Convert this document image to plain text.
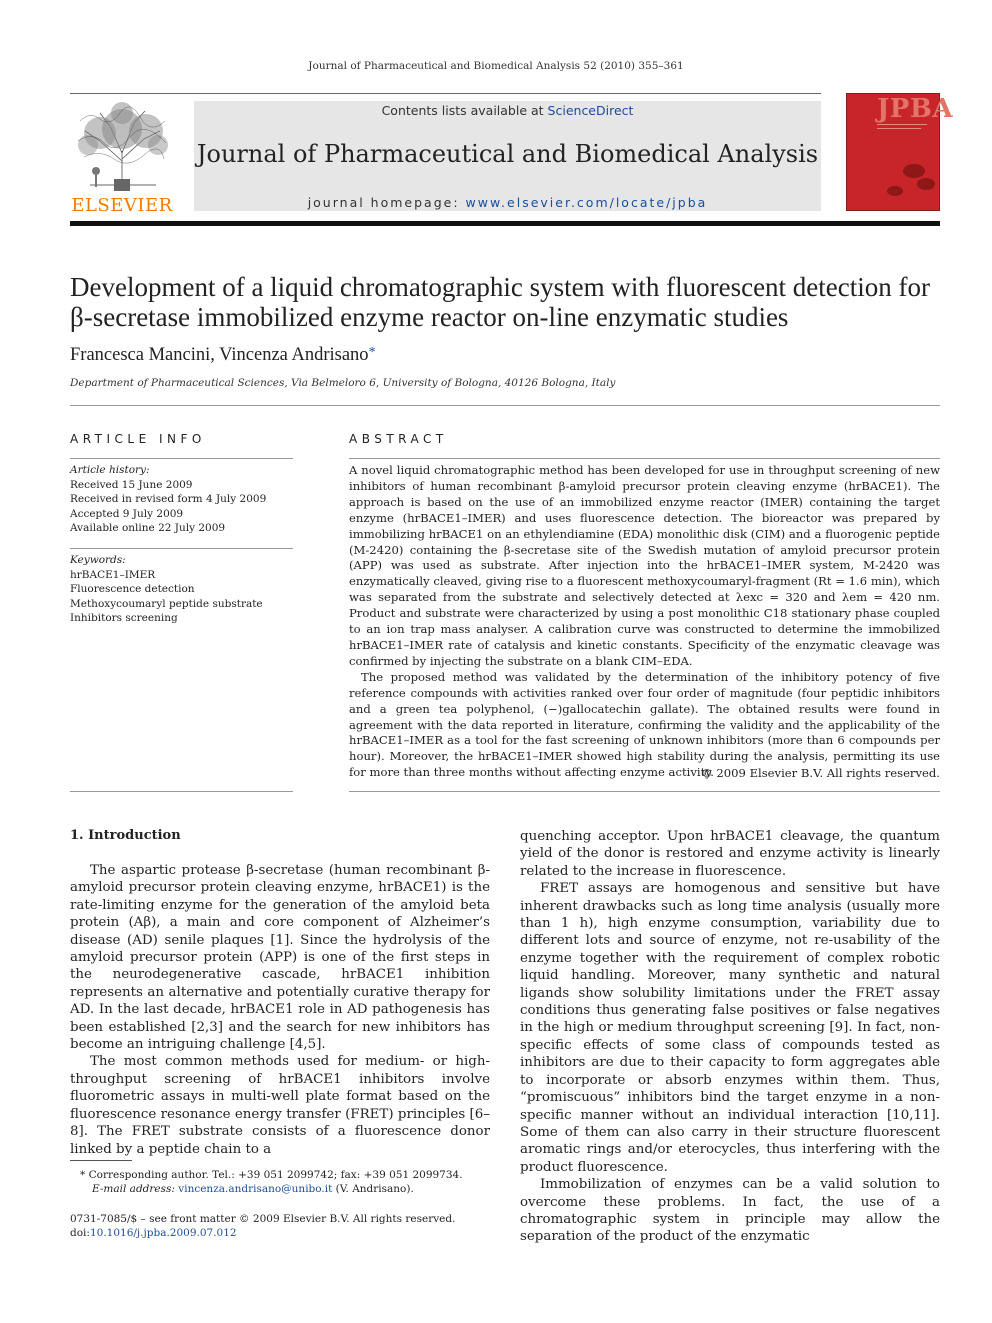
Journal of Pharmaceutical and Biomedical Analysis 52 (2010) 355–361
ELSEVIER
Contents lists available at ScienceDirect
Journal of Pharmaceutical and Biomedical Analysis
journal homepage: www.elsevier.com/locate/jpba
JPBA
Development of a liquid chromatographic system with fluorescent detection for
β-secretase immobilized enzyme reactor on-line enzymatic studies
Francesca Mancini, Vincenza Andrisano*
Department of Pharmaceutical Sciences, Via Belmeloro 6, University of Bologna, 40126 Bologna, Italy
ARTICLE INFO
Article history:
Received 15 June 2009
Received in revised form 4 July 2009
Accepted 9 July 2009
Available online 22 July 2009
Keywords:
hrBACE1–IMER
Fluorescence detection
Methoxycoumaryl peptide substrate
Inhibitors screening
ABSTRACT

A novel liquid chromatographic method has been developed for use in throughput screening of new inhibitors of human recombinant β-amyloid precursor protein cleaving enzyme (hrBACE1). The approach is based on the use of an immobilized enzyme reactor (IMER) containing the target enzyme (hrBACE1–IMER) and uses fluorescence detection. The bioreactor was prepared by immobilizing hrBACE1 on an ethylendiamine (EDA) monolithic disk (CIM) and a fluorogenic peptide (M-2420) containing the β-secretase site of the Swedish mutation of amyloid precursor protein (APP) was used as substrate. After injection into the hrBACE1–IMER system, M-2420 was enzymatically cleaved, giving rise to a fluorescent methoxycoumaryl-fragment (Rt = 1.6 min), which was separated from the substrate and selectively detected at λexc = 320 and λem = 420 nm. Product and substrate were characterized by using a post monolithic C18 stationary phase coupled to an ion trap mass analyser. A calibration curve was constructed to determine the immobilized hrBACE1–IMER rate of catalysis and kinetic constants. Specificity of the enzymatic cleavage was confirmed by injecting the substrate on a blank CIM–EDA.

The proposed method was validated by the determination of the inhibitory potency of five reference compounds with activities ranked over four order of magnitude (four peptidic inhibitors and a green tea polyphenol, (−)gallocatechin gallate). The obtained results were found in agreement with the data reported in literature, confirming the validity and the applicability of the hrBACE1–IMER as a tool for the fast screening of unknown inhibitors (more than 6 compounds per hour). Moreover, the hrBACE1–IMER showed high stability during the analysis, permitting its use for more than three months without affecting enzyme activity.

© 2009 Elsevier B.V. All rights reserved.
1. Introduction

The aspartic protease β-secretase (human recombinant β-amyloid precursor protein cleaving enzyme, hrBACE1) is the rate-limiting enzyme for the generation of the amyloid beta protein (Aβ), a main and core component of Alzheimer’s disease (AD) senile plaques [1]. Since the hydrolysis of the amyloid precursor protein (APP) is one of the first steps in the neurodegenerative cascade, hrBACE1 inhibition represents an alternative and potentially curative therapy for AD. In the last decade, hrBACE1 role in AD pathogenesis has been established [2,3] and the search for new inhibitors has become an intriguing challenge [4,5].

The most common methods used for medium- or high-throughput screening of hrBACE1 inhibitors involve fluorometric assays in multi-well plate format based on the fluorescence resonance energy transfer (FRET) principles [6–8]. The FRET substrate consists of a fluorescence donor linked by a peptide chain to a

quenching acceptor. Upon hrBACE1 cleavage, the quantum yield of the donor is restored and enzyme activity is linearly related to the increase in fluorescence.

FRET assays are homogenous and sensitive but have inherent drawbacks such as long time analysis (usually more than 1 h), high enzyme consumption, variability due to different lots and source of enzyme, not re-usability of the enzyme together with the requirement of complex robotic liquid handling. Moreover, many synthetic and natural ligands show solubility limitations under the FRET assay conditions thus generating false positives or false negatives in the high or medium throughput screening [9]. In fact, non-specific effects of some class of compounds tested as inhibitors are due to their capacity to form aggregates able to incorporate or absorb enzymes within them. Thus, “promiscuous” inhibitors bind the target enzyme in a non-specific manner without an individual interaction [10,11]. Some of them can also carry in their structure fluorescent aromatic rings and/or eterocycles, thus interfering with the product fluorescence.

Immobilization of enzymes can be a valid solution to overcome these problems. In fact, the use of a chromatographic system in principle may allow the separation of the product of the enzymatic

* Corresponding author. Tel.: +39 051 2099742; fax: +39 051 2099734.
E-mail address: vincenza.andrisano@unibo.it (V. Andrisano).
0731-7085/$ – see front matter © 2009 Elsevier B.V. All rights reserved.
doi:10.1016/j.jpba.2009.07.012
